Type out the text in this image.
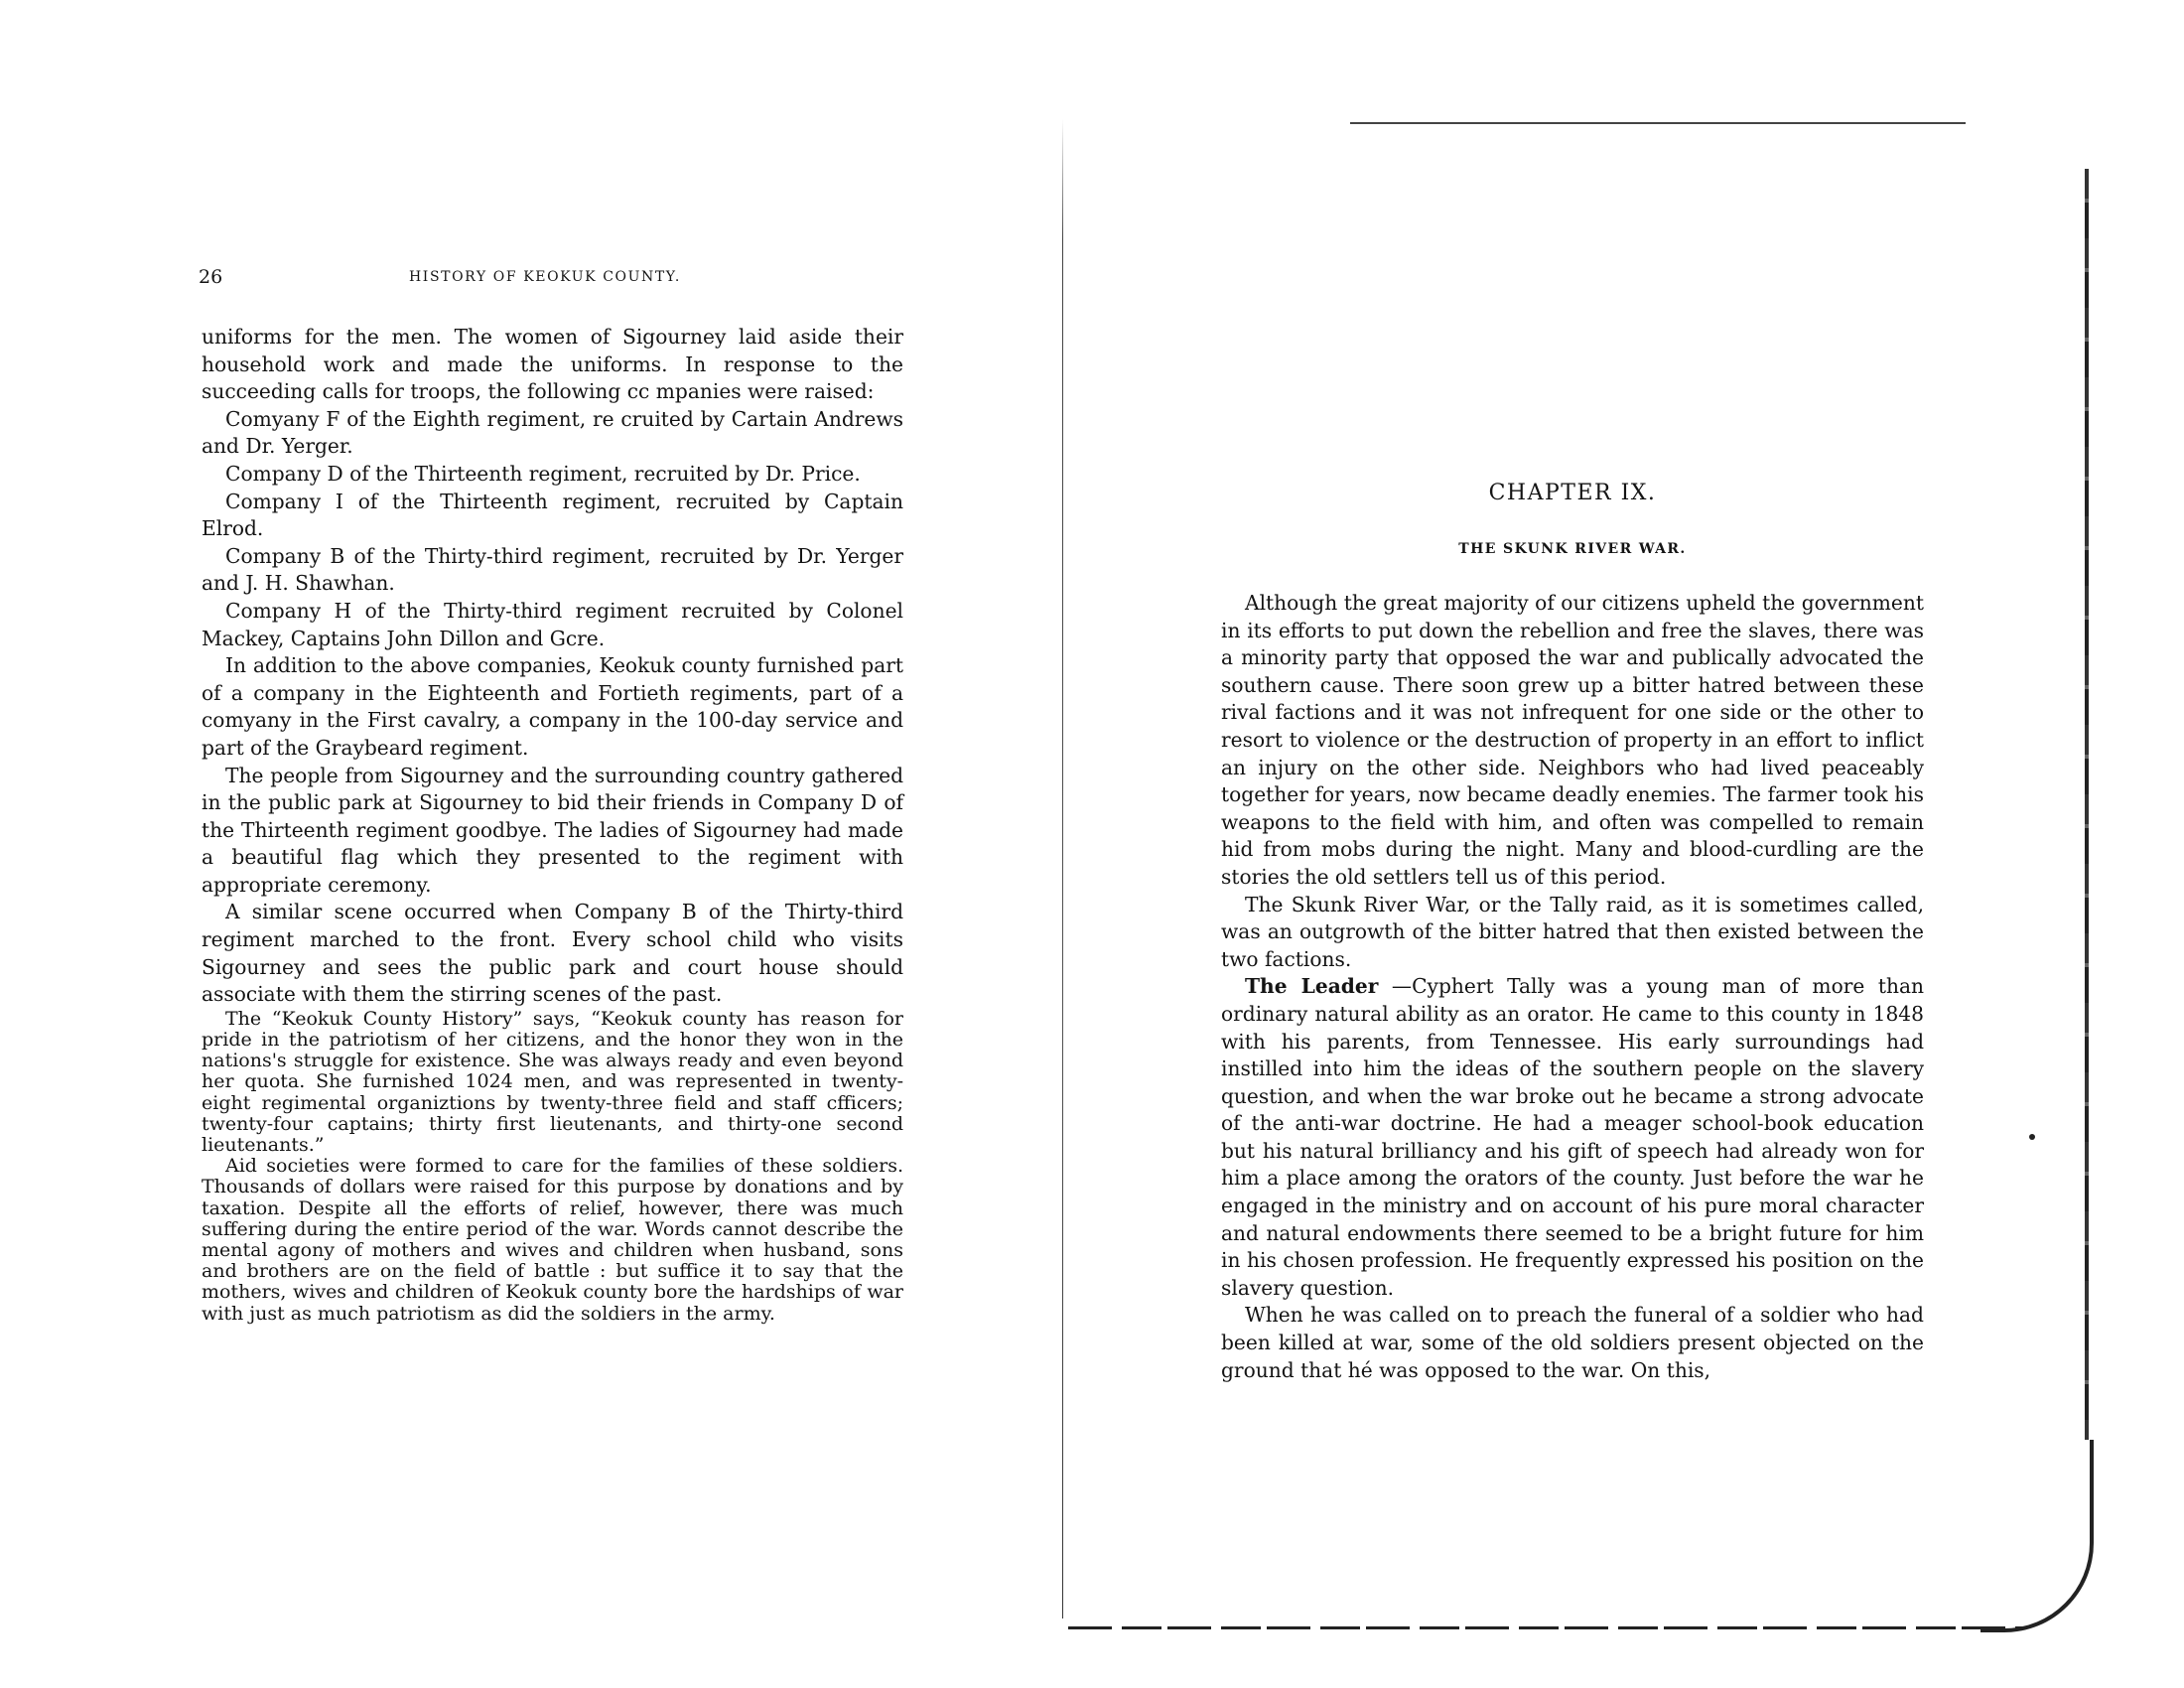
26	HISTORY OF KEOKUK COUNTY.

uniforms for the men. The women of Sigourney laid aside their household work and made the uniforms. In response to the succeeding calls for troops, the following cc mpanies were raised:

Comyany F of the Eighth regiment, re cruited by Cartain Andrews and Dr. Yerger.

Company D of the Thirteenth regiment, recruited by Dr. Price.

Company I of the Thirteenth regiment, recruited by Captain Elrod.

Company B of the Thirty-third regiment, recruited by Dr. Yerger and J. H. Shawhan.

Company H of the Thirty-third regiment recruited by Colonel Mackey, Captains John Dillon and Gcre.

In addition to the above companies, Keokuk county furnished part of a company in the Eighteenth and Fortieth regiments, part of a comyany in the First cavalry, a company in the 100-day service and part of the Graybeard regiment.

The people from Sigourney and the surrounding country gathered in the public park at Sigourney to bid their friends in Company D of the Thirteenth regiment goodbye. The ladies of Sigourney had made a beautiful flag which they presented to the regiment with appropriate ceremony.

A similar scene occurred when Company B of the Thirty-third regiment marched to the front. Every school child who visits Sigourney and sees the public park and court house should associate with them the stirring scenes of the past.

The “Keokuk County History” says, “Keokuk county has reason for pride in the patriotism of her citizens, and the honor they won in the nations's struggle for existence. She was always ready and even beyond her quota. She furnished 1024 men, and was represented in twenty-eight regimental organiztions by twenty-three field and staff cfficers; twenty-four captains; thirty first lieutenants, and thirty-one second lieutenants.”

Aid societies were formed to care for the families of these soldiers. Thousands of dollars were raised for this purpose by donations and by taxation. Despite all the efforts of relief, however, there was much suffering during the entire period of the war. Words cannot describe the mental agony of mothers and wives and children when husband, sons and brothers are on the field of battle : but suffice it to say that the mothers, wives and children of Keokuk county bore the hardships of war with just as much patriotism as did the soldiers in the army.

CHAPTER IX.
THE SKUNK RIVER WAR.

Although the great majority of our citizens upheld the government in its efforts to put down the rebellion and free the slaves, there was a minority party that opposed the war and publically advocated the southern cause. There soon grew up a bitter hatred between these rival factions and it was not infrequent for one side or the other to resort to violence or the destruction of property in an effort to inflict an injury on the other side. Neighbors who had lived peaceably together for years, now became deadly enemies. The farmer took his weapons to the field with him, and often was compelled to remain hid from mobs during the night. Many and blood-curdling are the stories the old settlers tell us of this period.

The Skunk River War, or the Tally raid, as it is sometimes called, was an outgrowth of the bitter hatred that then existed between the two factions.

The Leader —Cyphert Tally was a young man of more than ordinary natural ability as an orator. He came to this county in 1848 with his parents, from Tennessee. His early surroundings had instilled into him the ideas of the southern people on the slavery question, and when the war broke out he became a strong advocate of the anti-war doctrine. He had a meager school-book education but his natural brilliancy and his gift of speech had already won for him a place among the orators of the county. Just before the war he engaged in the ministry and on account of his pure moral character and natural endowments there seemed to be a bright future for him in his chosen profession. He frequently expressed his position on the slavery question.

When he was called on to preach the funeral of a soldier who had been killed at war, some of the old soldiers present objected on the ground that hé was opposed to the war. On this,
